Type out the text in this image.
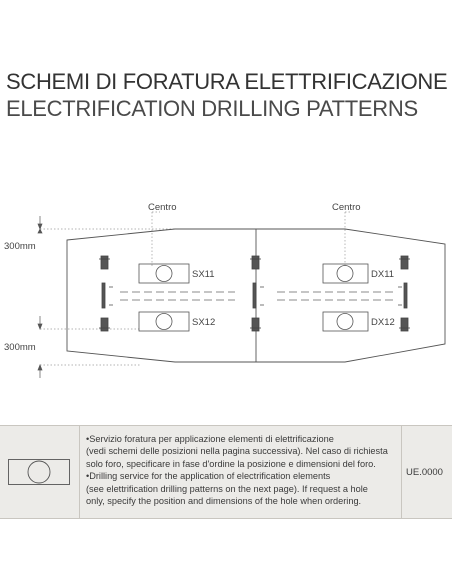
SCHEMI DI FORATURA ELETTRIFICAZIONE
ELECTRIFICATION DRILLING PATTERNS
300mm
300mm
Centro	Centro
SX11
SX12
DX11
DX12
•Servizio foratura per applicazione elementi di elettrificazione
(vedi schemi delle posizioni nella pagina successiva). Nel caso di richiesta
solo foro, specificare in fase d'ordine la posizione e dimensioni del foro.
•Drilling service for the application of electrification elements
(see elettrification drilling patterns on the next page). If request a hole
only, specify the position and dimensions of the hole when ordering.
UE.0000
